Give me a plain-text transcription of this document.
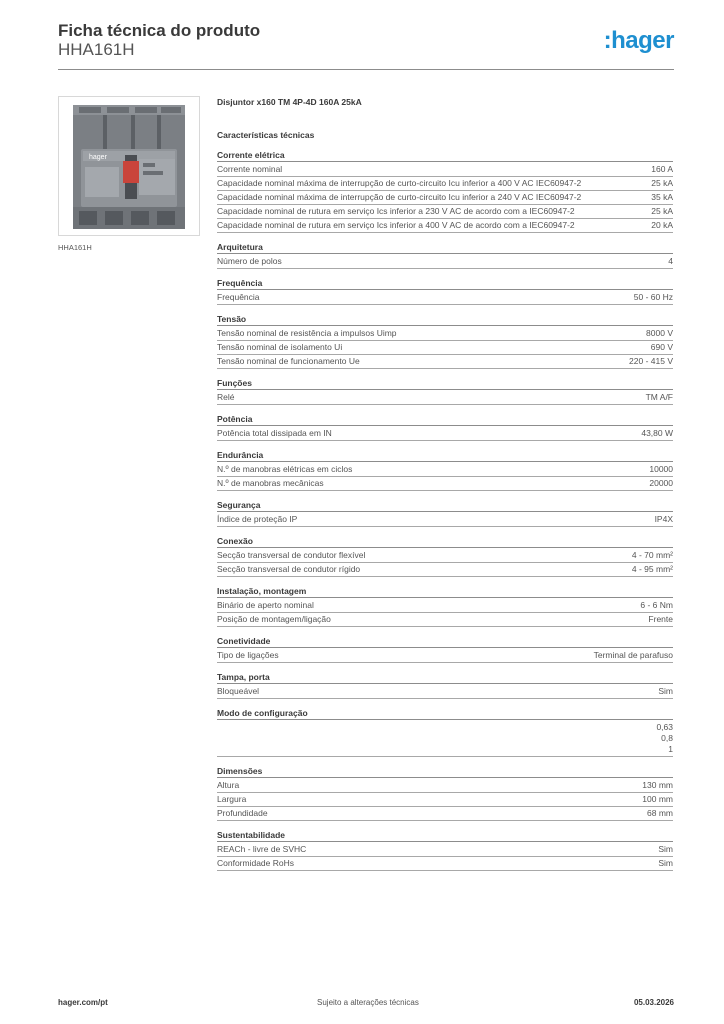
Ficha técnica do produto
HHA161H	:hager
hager
HHA161H
Disjuntor x160 TM 4P-4D 160A 25kA
Características técnicas
Corrente elétrica
Corrente nominal	160 A
Capacidade nominal máxima de interrupção de curto-circuito Icu inferior a 400 V AC IEC60947-2	25 kA
Capacidade nominal máxima de interrupção de curto-circuito Icu inferior a 240 V AC IEC60947-2	35 kA
Capacidade nominal de rutura em serviço Ics inferior a 230 V AC de acordo com a IEC60947-2	25 kA
Capacidade nominal de rutura em serviço Ics inferior a 400 V AC de acordo com a IEC60947-2	20 kA
Arquitetura
Número de polos	4
Frequência
Frequência	50 - 60 Hz
Tensão
Tensão nominal de resistência a impulsos Uimp	8000 V
Tensão nominal de isolamento Ui	690 V
Tensão nominal de funcionamento Ue	220 - 415 V
Funções
Relé	TM A/F
Potência
Potência total dissipada em IN	43,80 W
Endurância
N.º de manobras elétricas em ciclos	10000
N.º de manobras mecânicas	20000
Segurança
Índice de proteção IP	IP4X
Conexão
Secção transversal de condutor flexível	4 - 70 mm²
Secção transversal de condutor rígido	4 - 95 mm²
Instalação, montagem
Binário de aperto nominal	6 - 6 Nm
Posição de montagem/ligação	Frente
Conetividade
Tipo de ligações	Terminal de parafuso
Tampa, porta
Bloqueável	Sim
Modo de configuração
0,63
0,8
1
Dimensões
Altura	130 mm
Largura	100 mm
Profundidade	68 mm
Sustentabilidade
REACh - livre de SVHC	Sim
Conformidade RoHs	Sim
hager.com/pt	Sujeito a alterações técnicas	05.03.2026
